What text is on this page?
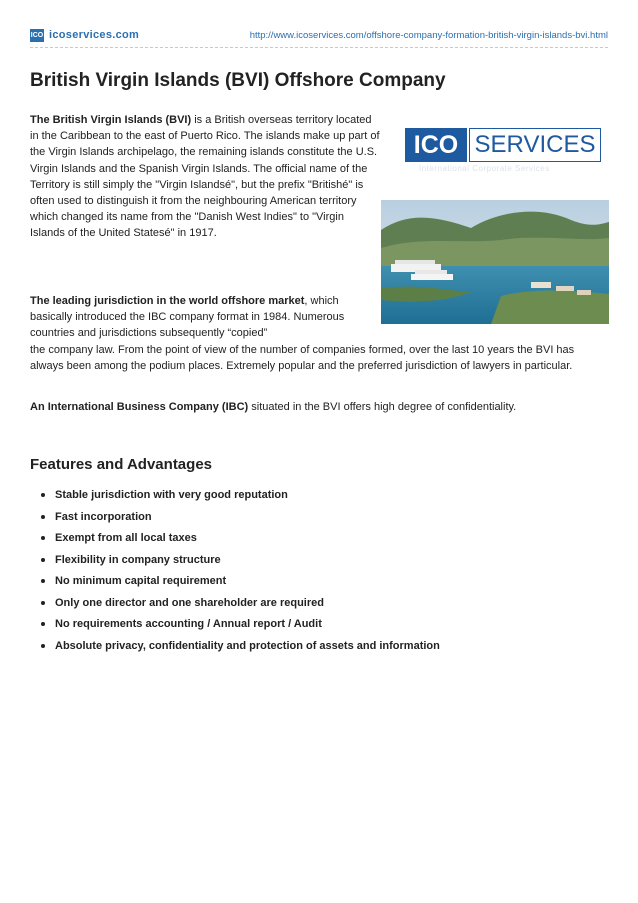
ICO icoservices.com	http://www.icoservices.com/offshore-company-formation-british-virgin-islands-bvi.html
British Virgin Islands (BVI) Offshore Company

The British Virgin Islands (BVI) is a British overseas territory located in the Caribbean to the east of Puerto Rico. The islands make up part of the Virgin Islands archipelago, the remaining islands constitute the U.S. Virgin Islands and the Spanish Virgin Islands. The official name of the Territory is still simply the "Virgin Islandsé", but the prefix "Britishé" is often used to distinguish it from the neighbouring American territory which changed its name from the "Danish West Indies" to "Virgin Islands of the United Statesé" in 1917.

ICO SERVICES
International Corporate Services

The leading jurisdiction in the world offshore market, which basically introduced the IBC company format in 1984. Numerous countries and jurisdictions subsequently “copied”
the company law. From the point of view of the number of companies formed, over the last 10 years the BVI has always been among the podium places. Extremely popular and the preferred jurisdiction of lawyers in particular.

An International Business Company (IBC) situated in the BVI offers high degree of confidentiality.

Features and Advantages
Stable jurisdiction with very good reputation
Fast incorporation
Exempt from all local taxes
Flexibility in company structure
No minimum capital requirement
Only one director and one shareholder are required
No requirements accounting / Annual report / Audit
Absolute privacy, confidentiality and protection of assets and information
